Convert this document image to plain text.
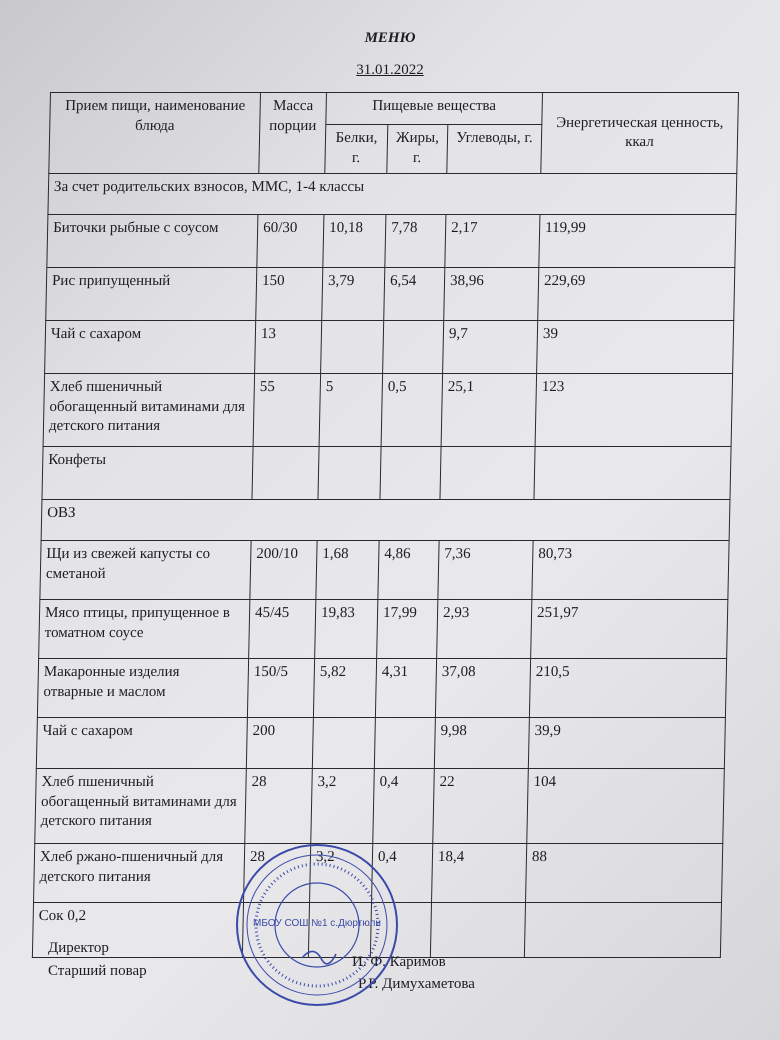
МЕНЮ
31.01.2022
Прием пищи, наименование блюда	Масса порции	Пищевые вещества			Энергетическая ценность, ккал
		Белки, г.	Жиры, г.	Углеводы, г.	
За счет родительских взносов, ММС, 1-4 классы					
Биточки рыбные с соусом	60/30	10,18	7,78	2,17	119,99
Рис припущенный	150	3,79	6,54	38,96	229,69
Чай с сахаром	13			9,7	39
Хлеб пшеничный обогащенный витаминами для детского питания	55	5	0,5	25,1	123
Конфеты					
ОВЗ					
Щи из свежей капусты со сметаной	200/10	1,68	4,86	7,36	80,73
Мясо птицы, припущенное в томатном соусе	45/45	19,83	17,99	2,93	251,97
Макаронные изделия отварные и маслом	150/5	5,82	4,31	37,08	210,5
Чай с сахаром	200			9,98	39,9
Хлеб пшеничный обогащенный витаминами для детского питания	28	3,2	0,4	22	104
Хлеб ржано-пшеничный для детского питания	28	3,2	0,4	18,4	88
Сок 0,2					
Директор
Старший повар
И. Ф. Каримов
Р.Р. Димухаметова
МБОУ СОШ №1 с.Дюртюли
